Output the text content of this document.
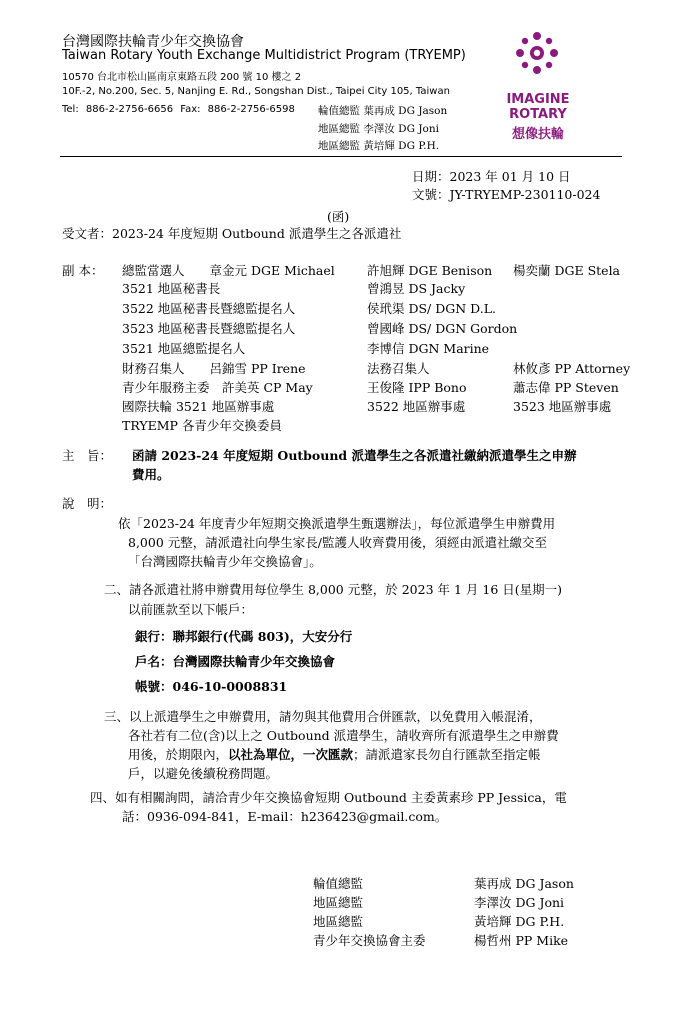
台灣國際扶輪青少年交換協會
Taiwan Rotary Youth Exchange Multidistrict Program (TRYEMP)
10570 台北市松山區南京東路五段 200 號 10 樓之 2
10F.-2, No.200, Sec. 5, Nanjing E. Rd., Songshan Dist., Taipei City 105, Taiwan
Tel: 886-2-2756-6656 Fax: 886-2-2756-6598 輪值總監 葉再成 DG Jason
地區總監 李澤汝 DG Joni
地區總監 黃培輝 DG P.H.
IMAGINE
ROTARY
想像扶輪
日期：2023 年 01 月 10 日
文號：JY-TRYEMP-230110-024
(函)
受文者：2023-24 年度短期 Outbound 派遣學生之各派遣社
副 本： 總監當選人　　章金元 DGE Michael	許旭輝 DGE Benison 楊奕蘭 DGE Stela
3521 地區秘書長	曾鴻昱 DS Jacky
3522 地區秘書長暨總監提名人	侯玳渠 DS/ DGN D.L.
3523 地區秘書長暨總監提名人	曾國峰 DS/ DGN Gordon
3521 地區總監提名人	李博信 DGN Marine
財務召集人　　呂錦雪 PP Irene	法務召集人	林攸彥 PP Attorney
青少年服務主委　許美英 CP May	王俊隆 IPP Bono	蕭志偉 PP Steven
國際扶輪 3521 地區辦事處	3522 地區辦事處	3523 地區辦事處
TRYEMP 各青少年交換委員
主　旨： 函請 2023-24 年度短期 Outbound 派遣學生之各派遣社繳納派遣學生之申辦
費用。
說　明：
依「2023-24 年度青少年短期交換派遣學生甄選辦法」，每位派遣學生申辦費用
8,000 元整，請派遣社向學生家長/監護人收齊費用後，須經由派遣社繳交至
「台灣國際扶輪青少年交換協會」。
二、請各派遣社將申辦費用每位學生 8,000 元整，於 2023 年 1 月 16 日(星期一)
以前匯款至以下帳戶：
銀行：聯邦銀行(代碼 803)，大安分行
戶名：台灣國際扶輪青少年交換協會
帳號：046-10-0008831
三、以上派遣學生之申辦費用，請勿與其他費用合併匯款，以免費用入帳混淆，
各社若有二位(含)以上之 Outbound 派遣學生，請收齊所有派遣學生之申辦費
用後，於期限內，以社為單位，一次匯款；請派遣家長勿自行匯款至指定帳
戶，以避免後續稅務問題。
四、如有相關詢問，請洽青少年交換協會短期 Outbound 主委黃素珍 PP Jessica，電
話：0936-094-841，E-mail：h236423@gmail.com。
輪值總監	葉再成 DG Jason
地區總監	李澤汝 DG Joni
地區總監	黃培輝 DG P.H.
青少年交換協會主委	楊哲州 PP Mike
